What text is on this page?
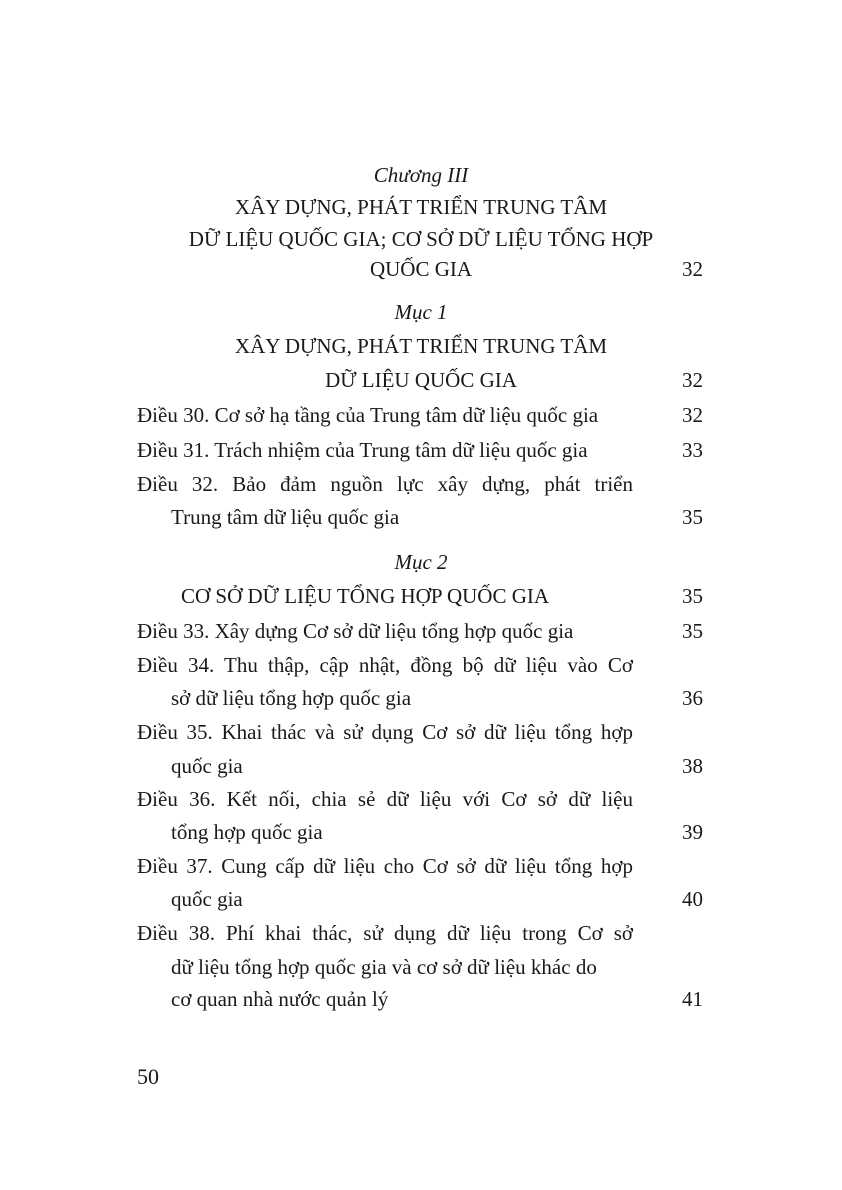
Chương III
XÂY DỰNG, PHÁT TRIỂN TRUNG TÂM
DỮ LIỆU QUỐC GIA; CƠ SỞ DỮ LIỆU TỔNG HỢP
QUỐC GIA	32
Mục 1
XÂY DỰNG, PHÁT TRIỂN TRUNG TÂM
DỮ LIỆU QUỐC GIA	32
Điều 30. Cơ sở hạ tầng của Trung tâm dữ liệu quốc gia	32
Điều 31. Trách nhiệm của Trung tâm dữ liệu quốc gia	33
Điều 32. Bảo đảm nguồn lực xây dựng, phát triển
Trung tâm dữ liệu quốc gia	35
Mục 2
CƠ SỞ DỮ LIỆU TỔNG HỢP QUỐC GIA	35
Điều 33. Xây dựng Cơ sở dữ liệu tổng hợp quốc gia	35
Điều 34. Thu thập, cập nhật, đồng bộ dữ liệu vào Cơ
sở dữ liệu tổng hợp quốc gia	36
Điều 35. Khai thác và sử dụng Cơ sở dữ liệu tổng hợp
quốc gia	38
Điều 36. Kết nối, chia sẻ dữ liệu với Cơ sở dữ liệu
tổng hợp quốc gia	39
Điều 37. Cung cấp dữ liệu cho Cơ sở dữ liệu tổng hợp
quốc gia	40
Điều 38. Phí khai thác, sử dụng dữ liệu trong Cơ sở
dữ liệu tổng hợp quốc gia và cơ sở dữ liệu khác do
cơ quan nhà nước quản lý	41
50
